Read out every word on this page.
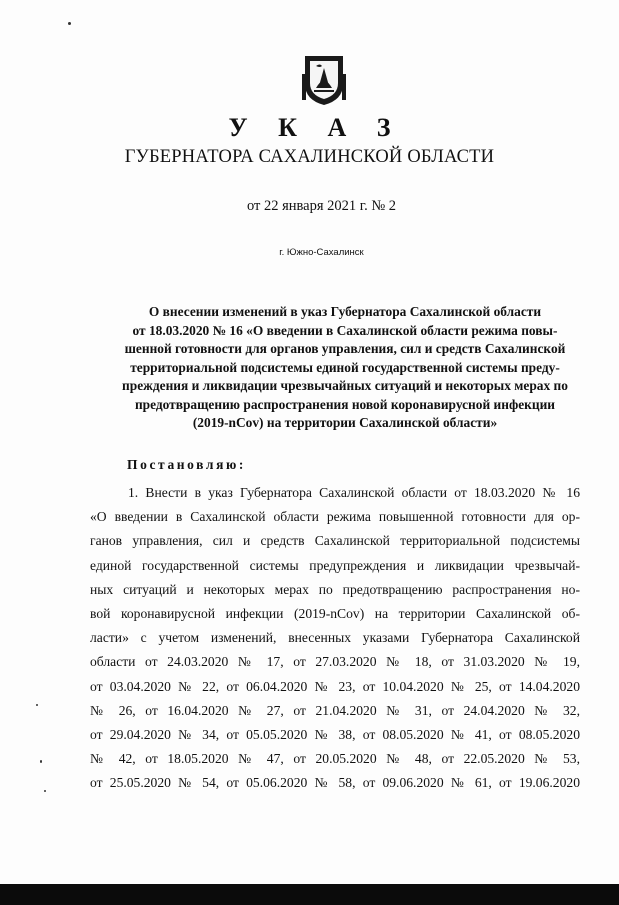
У К А З
ГУБЕРНАТОРА САХАЛИНСКОЙ ОБЛАСТИ
от 22 января 2021 г. № 2
г. Южно-Сахалинск
О внесении изменений в указ Губернатора Сахалинской области
от 18.03.2020 № 16 «О введении в Сахалинской области режима повы-
шенной готовности для органов управления, сил и средств Сахалинской
территориальной подсистемы единой государственной системы преду-
преждения и ликвидации чрезвычайных ситуаций и некоторых мерах по
предотвращению распространения новой коронавирусной инфекции
(2019-nCov) на территории Сахалинской области»
Постановляю:
1. Внести в указ Губернатора Сахалинской области от 18.03.2020 № 16
«О введении в Сахалинской области режима повышенной готовности для ор-
ганов управления, сил и средств Сахалинской территориальной подсистемы
единой государственной системы предупреждения и ликвидации чрезвычай-
ных ситуаций и некоторых мерах по предотвращению распространения но-
вой коронавирусной инфекции (2019-nCov) на территории Сахалинской об-
ласти» с учетом изменений, внесенных указами Губернатора Сахалинской
области от 24.03.2020 № 17, от 27.03.2020 № 18, от 31.03.2020 № 19,
от 03.04.2020 № 22, от 06.04.2020 № 23, от 10.04.2020 № 25, от 14.04.2020
№ 26, от 16.04.2020 № 27, от 21.04.2020 № 31, от 24.04.2020 № 32,
от 29.04.2020 № 34, от 05.05.2020 № 38, от 08.05.2020 № 41, от 08.05.2020
№ 42, от 18.05.2020 № 47, от 20.05.2020 № 48, от 22.05.2020 № 53,
от 25.05.2020 № 54, от 05.06.2020 № 58, от 09.06.2020 № 61, от 19.06.2020
